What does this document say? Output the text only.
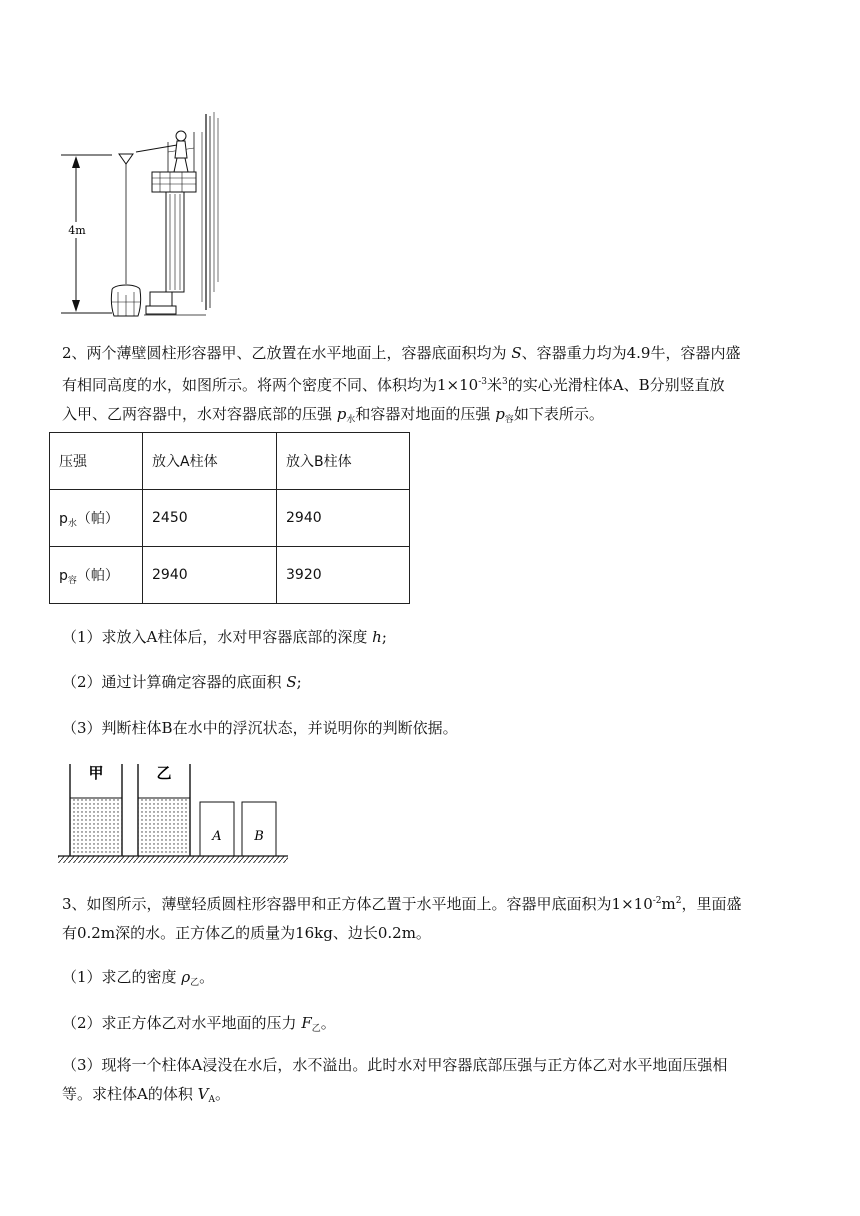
4m
2、两个薄壁圆柱形容器甲、乙放置在水平地面上，容器底面积均为 S、容器重力均为4.9牛，容器内盛
有相同高度的水，如图所示。将两个密度不同、体积均为$1\times 10^{-3}$米$^3$的实心光滑柱体A、B分别竖直放
入甲、乙两容器中，水对容器底部的压强 $p_水$和容器对地面的压强 $p_容$如下表所示。
压强	放入A柱体	放入B柱体
$p_水$（帕）	2450	2940
$p_容$（帕）	2940	3920
（1）求放入A柱体后，水对甲容器底部的深度 h;
（2）通过计算确定容器的底面积 S;
（3）判断柱体B在水中的浮沉状态，并说明你的判断依据。
甲	乙
A	B
3、如图所示，薄壁轻质圆柱形容器甲和正方体乙置于水平地面上。容器甲底面积为$1\times 10^{-2}m^2$，里面盛
有0.2m深的水。正方体乙的质量为16kg、边长0.2m。
（1）求乙的密度 $\rho_乙$。
（2）求正方体乙对水平地面的压力 $F_乙$。
（3）现将一个柱体A浸没在水后，水不溢出。此时水对甲容器底部压强与正方体乙对水平地面压强相
等。求柱体A的体积 $V_A$。
